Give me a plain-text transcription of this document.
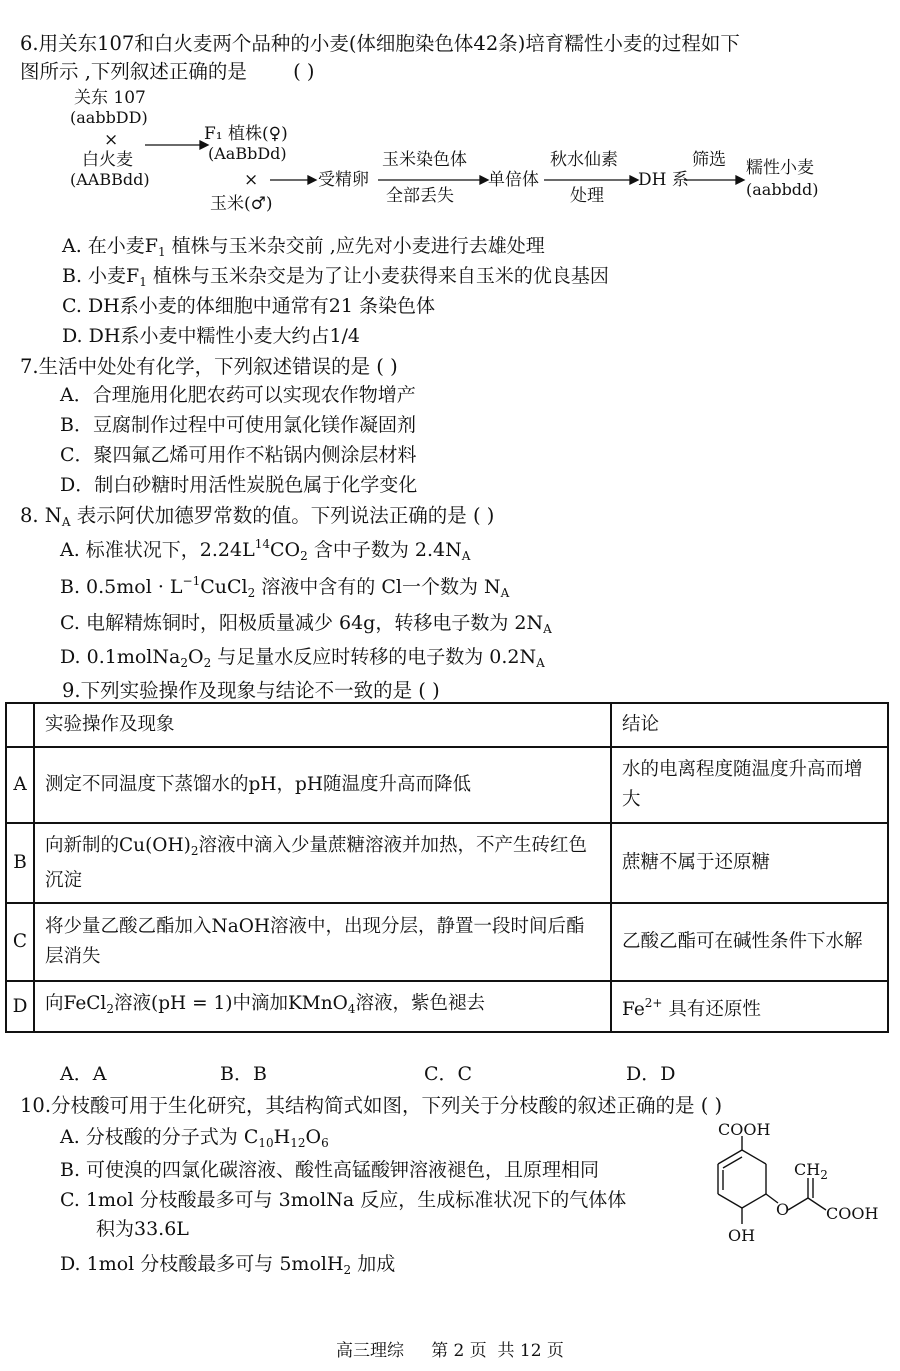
6.用关东107和白火麦两个品种的小麦(体细胞染色体42条)培育糯性小麦的过程如下
图所示 ,下列叙述正确的是 ( )
关东 107
(aabbDD)
×
白火麦
(AABBdd)
F₁ 植株(♀)
(AaBbDd)
×
玉米(♂)
受精卵
玉米染色体
全部丢失
单倍体
秋水仙素
处理
DH 系
筛选 糯性小麦
(aabbdd)
A. 在小麦$F_1$ 植株与玉米杂交前 ,应先对小麦进行去雄处理
B. 小麦$F_1$ 植株与玉米杂交是为了让小麦获得来自玉米的优良基因
C. DH系小麦的体细胞中通常有21 条染色体
D. DH系小麦中糯性小麦大约占1/4
7.生活中处处有化学，下列叙述错误的是 ( )
A．合理施用化肥农药可以实现农作物增产
B．豆腐制作过程中可使用氯化镁作凝固剂
C．聚四氟乙烯可用作不粘锅内侧涂层材料
D．制白砂糖时用活性炭脱色属于化学变化
8. $N_A$ 表示阿伏加德罗常数的值。下列说法正确的是 ( )
A. 标准状况下，$2.24L^{14}CO_2$ 含中子数为 $2.4N_A$
B. $0.5mol \cdot L^{-1}CuCl_2$ 溶液中含有的 Cl一个数为 $N_A$
C. 电解精炼铜时，阳极质量减少 64g，转移电子数为 $2N_A$
D. $0.1molNa_2O_2$ 与足量水反应时转移的电子数为 $0.2N_A$
9.下列实验操作及现象与结论不一致的是 ( )
	实验操作及现象	结论
A	测定不同温度下蒸馏水的pH，pH随温度升高而降低	水的电离程度随温度升高而增大
B	向新制的$Cu(OH)_2$溶液中滴入少量蔗糖溶液并加热，不产生砖红色沉淀	蔗糖不属于还原糖
C	将少量乙酸乙酯加入NaOH溶液中，出现分层，静置一段时间后酯层消失	乙酸乙酯可在碱性条件下水解
D	向FeCl$_2$溶液(pH = 1)中滴加KMnO$_4$溶液，紫色褪去	$Fe^{2+}$ 具有还原性
A．A	B．B	C．C	D．D
10.分枝酸可用于生化研究，其结构简式如图，下列关于分枝酸的叙述正确的是 ( )
A. 分枝酸的分子式为 $C_{10}H_{12}O_6$
B. 可使溴的四氯化碳溶液、酸性高锰酸钾溶液褪色，且原理相同
C. 1mol 分枝酸最多可与 3molNa 反应，生成标准状况下的气体体
积为33.6L
D. 1mol 分枝酸最多可与 5molH$_2$ 加成
COOH
$CH_2$
O COOH
OH
高三理综     第 2 页  共 12 页
